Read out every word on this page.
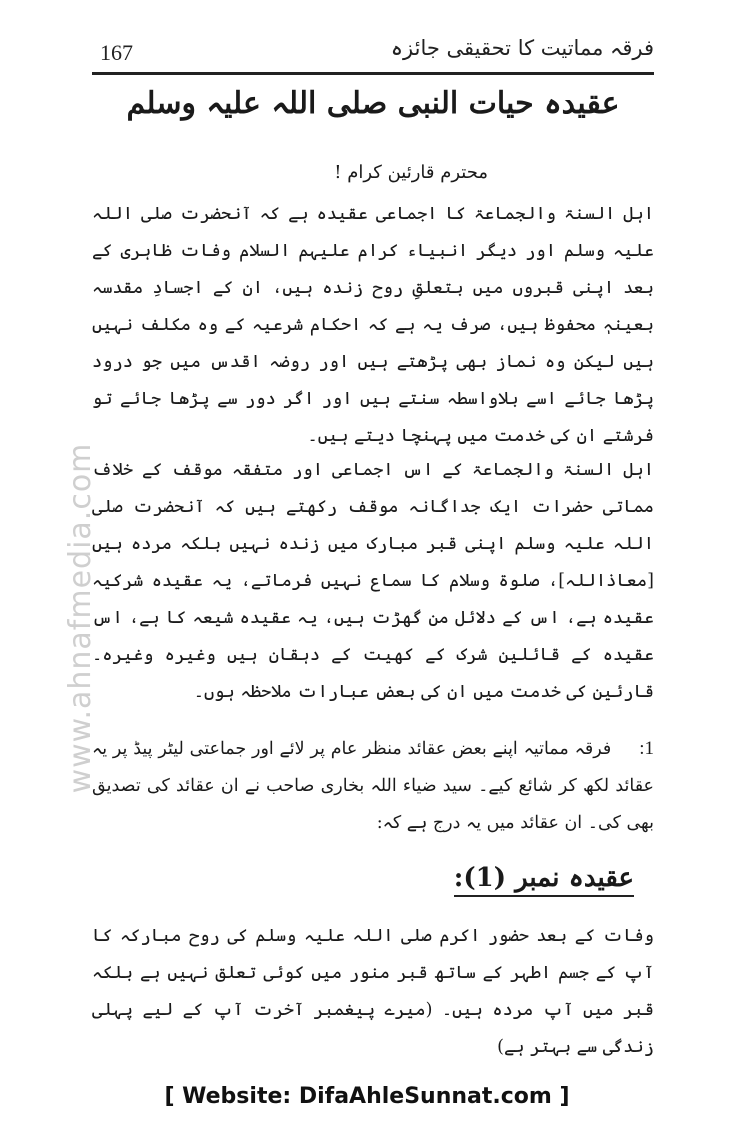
167	فرقہ مماتیت کا تحقیقی جائزہ
عقیدہ حیات النبی صلی اللہ علیہ وسلم
محترم قارئین کرام !

اہل السنۃ والجماعۃ کا اجماعی عقیدہ ہے کہ آنحضرت صلی اللہ علیہ وسلم اور دیگر انبیاء کرام علیہم السلام وفات ظاہری کے بعد اپنی قبروں میں بتعلقِ روح زندہ ہیں، ان کے اجسادِ مقدسہ بعینہٖ محفوظ ہیں، صرف یہ ہے کہ احکام شرعیہ کے وہ مکلف نہیں ہیں لیکن وہ نماز بھی پڑھتے ہیں اور روضہ اقدس میں جو درود پڑھا جائے اسے بلاواسطہ سنتے ہیں اور اگر دور سے پڑھا جائے تو فرشتے ان کی خدمت میں پہنچا دیتے ہیں۔

اہل السنۃ والجماعۃ کے اس اجماعی اور متفقہ موقف کے خلاف مماتی حضرات ایک جداگانہ موقف رکھتے ہیں کہ آنحضرت صلی اللہ علیہ وسلم اپنی قبر مبارک میں زندہ نہیں بلکہ مردہ ہیں [معاذاللہ]، صلوۃ وسلام کا سماع نہیں فرماتے، یہ عقیدہ شرکیہ عقیدہ ہے، اس کے دلائل من گھڑت ہیں، یہ عقیدہ شیعہ کا ہے، اس عقیدہ کے قائلین شرک کے کھیت کے دہقان ہیں وغیرہ وغیرہ۔ قارئین کی خدمت میں ان کی بعض عبارات ملاحظہ ہوں۔

1:فرقہ مماتیہ اپنے بعض عقائد منظر عام پر لائے اور جماعتی لیٹر پیڈ پر یہ عقائد لکھ کر شائع کیے۔ سید ضیاء اللہ بخاری صاحب نے ان عقائد کی تصدیق بھی کی۔ ان عقائد میں یہ درج ہے کہ:

عقیدہ نمبر (1):

وفات کے بعد حضور اکرم صلی اللہ علیہ وسلم کی روح مبارکہ کا آپ کے جسم اطہر کے ساتھ قبر منور میں کوئی تعلق نہیں ہے بلکہ قبر میں آپ مردہ ہیں۔ (میرے پیغمبر آخرت آپ کے لیے پہلی زندگی سے بہتر ہے)

www.ahnafmedia.com
[ Website: DifaAhleSunnat.com ]
